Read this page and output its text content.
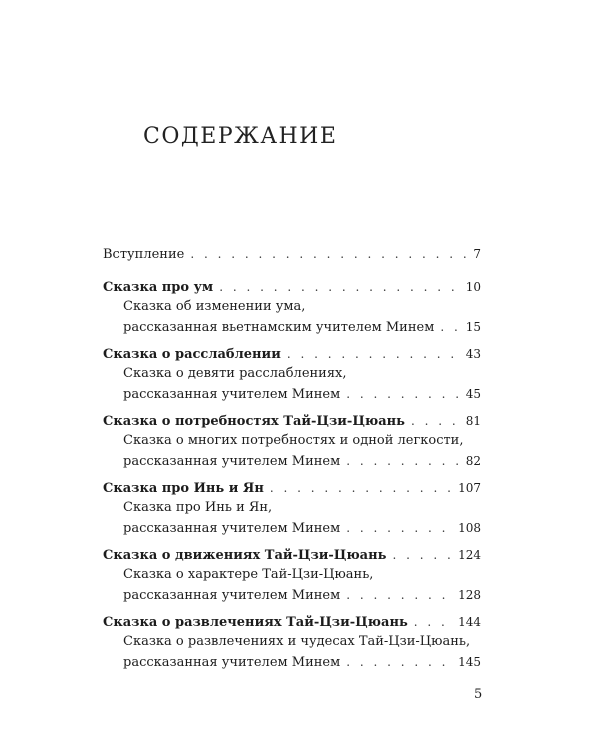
СОДЕРЖАНИЕ
Вступление . . .	7
Сказка про ум . . .	10
Сказка об изменении ума,
рассказанная вьетнамским учителем Минем . . .	15
Сказка о расслаблении . . .	43
Сказка о девяти расслаблениях,
рассказанная учителем Минем . . .	45
Сказка о потребностях Тай-Цзи-Цюань . . .	81
Сказка о многих потребностях и одной легкости,
рассказанная учителем Минем . . .	82
Сказка про Инь и Ян . . .	107
Сказка про Инь и Ян,
рассказанная учителем Минем . . .	108
Сказка о движениях Тай-Цзи-Цюань . . .	124
Сказка о характере Тай-Цзи-Цюань,
рассказанная учителем Минем . . .	128
Сказка о развлечениях Тай-Цзи-Цюань . . .	144
Сказка о развлечениях и чудесах Тай-Цзи-Цюань,
рассказанная учителем Минем . . .	145
5
